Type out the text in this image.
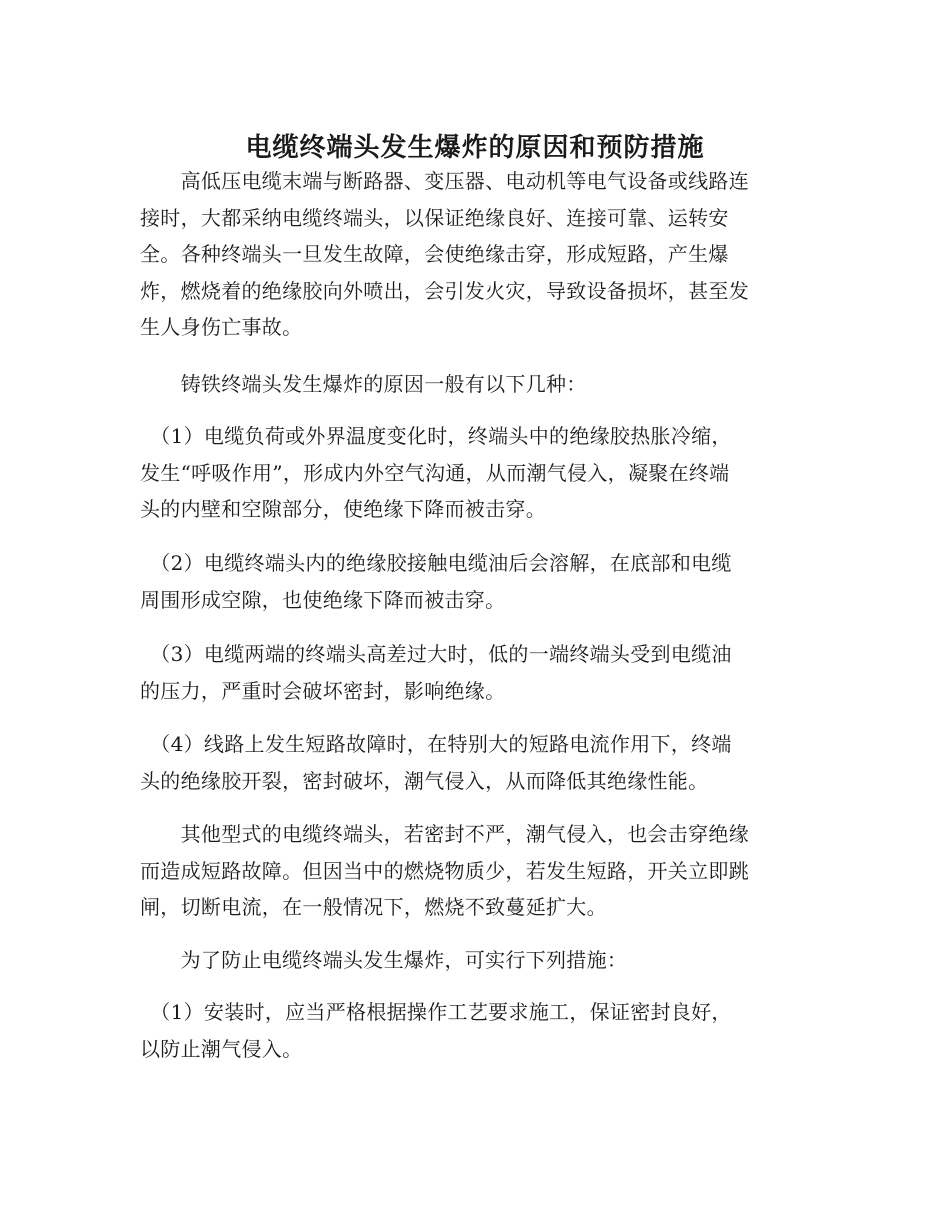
电缆终端头发生爆炸的原因和预防措施
　　高低压电缆末端与断路器、变压器、电动机等电气设备或线路连
接时，大都采纳电缆终端头，以保证绝缘良好、连接可靠、运转安
全。各种终端头一旦发生故障，会使绝缘击穿，形成短路，产生爆
炸，燃烧着的绝缘胶向外喷出，会引发火灾，导致设备损坏，甚至发
生人身伤亡事故。
　　铸铁终端头发生爆炸的原因一般有以下几种：
　（1）电缆负荷或外界温度变化时，终端头中的绝缘胶热胀冷缩，
发生“呼吸作用”，形成内外空气沟通，从而潮气侵入，凝聚在终端
头的内壁和空隙部分，使绝缘下降而被击穿。
　（2）电缆终端头内的绝缘胶接触电缆油后会溶解，在底部和电缆
周围形成空隙，也使绝缘下降而被击穿。
　（3）电缆两端的终端头高差过大时，低的一端终端头受到电缆油
的压力，严重时会破坏密封，影响绝缘。
　（4）线路上发生短路故障时，在特别大的短路电流作用下，终端
头的绝缘胶开裂，密封破坏，潮气侵入，从而降低其绝缘性能。
　　其他型式的电缆终端头，若密封不严，潮气侵入，也会击穿绝缘
而造成短路故障。但因当中的燃烧物质少，若发生短路，开关立即跳
闸，切断电流，在一般情况下，燃烧不致蔓延扩大。
　　为了防止电缆终端头发生爆炸，可实行下列措施：
　（1）安装时，应当严格根据操作工艺要求施工，保证密封良好，
以防止潮气侵入。
